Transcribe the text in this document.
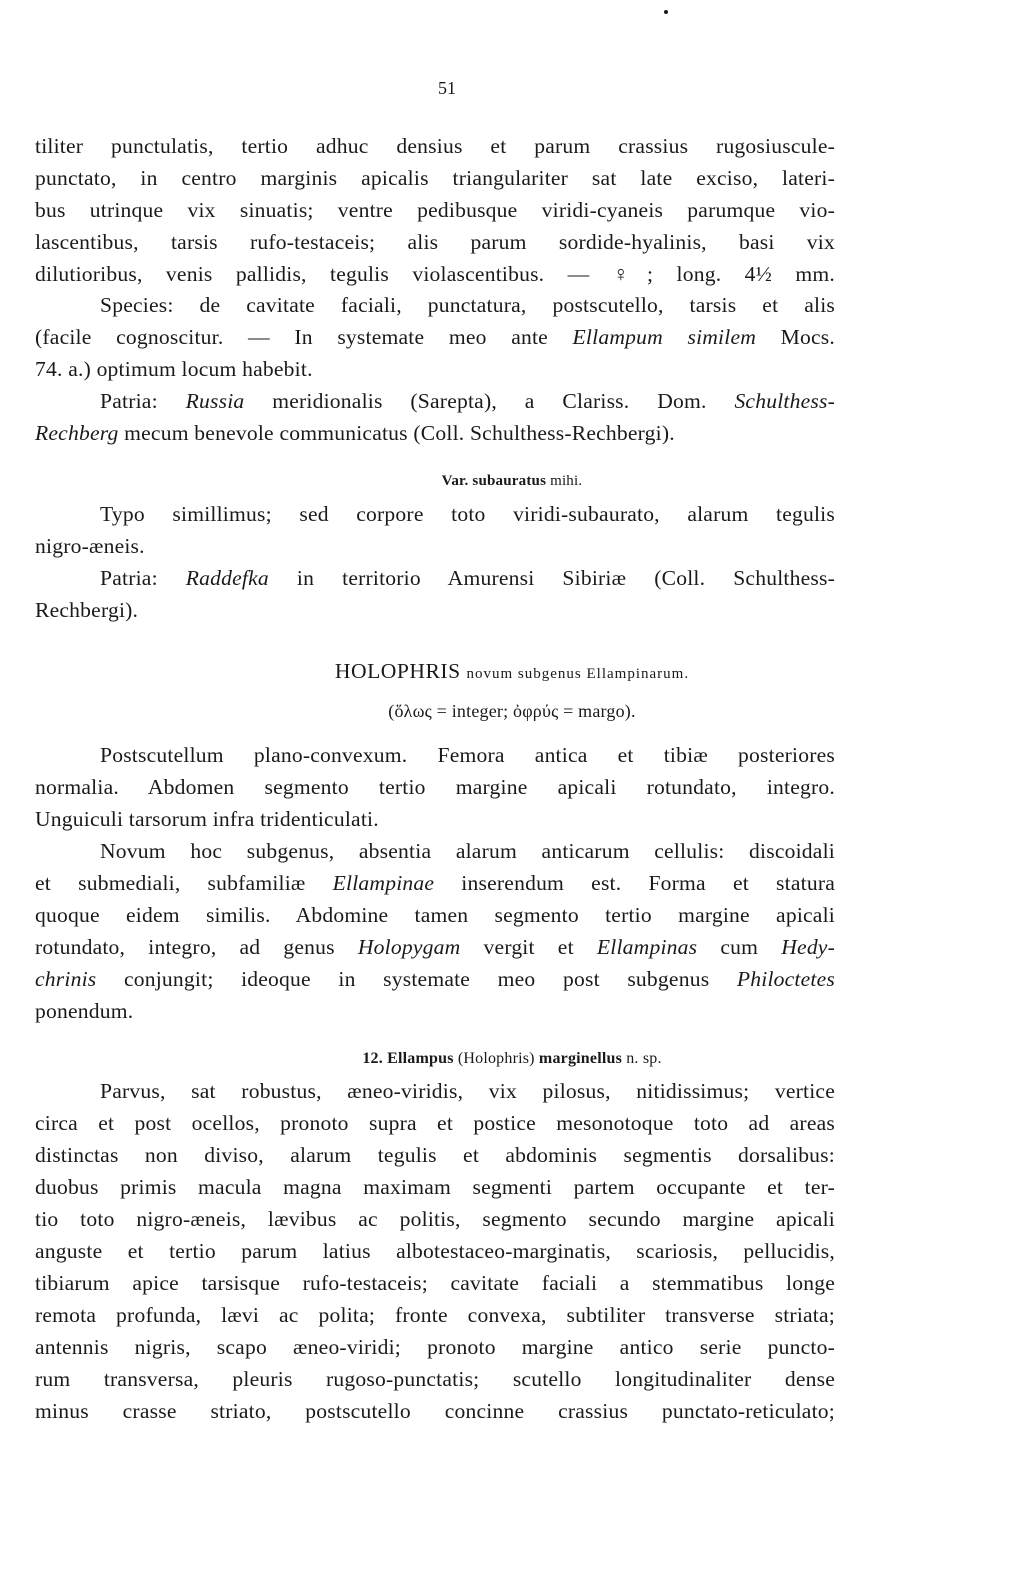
51
tiliter punctulatis, tertio adhuc densius et parum crassius rugosiuscule-
punctato, in centro marginis apicalis triangulariter sat late exciso, lateri-
bus utrinque vix sinuatis; ventre pedibusque viridi-cyaneis parumque vio-
lascentibus, tarsis rufo-testaceis; alis parum sordide-hyalinis, basi vix
dilutioribus, venis pallidis, tegulis violascentibus. — ♀; long. 4½ mm.
Species: de cavitate faciali, punctatura, postscutello, tarsis et alis
(facile cognoscitur. — In systemate meo ante Ellampum similem Mocs.
74. a.) optimum locum habebit.
Patria: Russia meridionalis (Sarepta), a Clariss. Dom. Schulthess-
Rechberg mecum benevole communicatus (Coll. Schulthess-Rechbergi).
Var. subauratus mihi.
Typo simillimus; sed corpore toto viridi-subaurato, alarum tegulis
nigro-æneis.
Patria: Raddefka in territorio Amurensi Sibiriæ (Coll. Schulthess-
Rechbergi).
HOLOPHRIS novum subgenus Ellampinarum.
(ὅλως = integer; ὀφρύς = margo).
Postscutellum plano-convexum. Femora antica et tibiæ posteriores
normalia. Abdomen segmento tertio margine apicali rotundato, integro.
Unguiculi tarsorum infra tridenticulati.
Novum hoc subgenus, absentia alarum anticarum cellulis: discoidali
et submediali, subfamiliæ Ellampinae inserendum est. Forma et statura
quoque eidem similis. Abdomine tamen segmento tertio margine apicali
rotundato, integro, ad genus Holopygam vergit et Ellampinas cum Hedy-
chrinis conjungit; ideoque in systemate meo post subgenus Philoctetes
ponendum.
12. Ellampus (Holophris) marginellus n. sp.
Parvus, sat robustus, æneo-viridis, vix pilosus, nitidissimus; vertice
circa et post ocellos, pronoto supra et postice mesonotoque toto ad areas
distinctas non diviso, alarum tegulis et abdominis segmentis dorsalibus:
duobus primis macula magna maximam segmenti partem occupante et ter-
tio toto nigro-æneis, lævibus ac politis, segmento secundo margine apicali
anguste et tertio parum latius albotestaceo-marginatis, scariosis, pellucidis,
tibiarum apice tarsisque rufo-testaceis; cavitate faciali a stemmatibus longe
remota profunda, lævi ac polita; fronte convexa, subtiliter transverse striata;
antennis nigris, scapo æneo-viridi; pronoto margine antico serie puncto-
rum transversa, pleuris rugoso-punctatis; scutello longitudinaliter dense
minus crasse striato, postscutello concinne crassius punctato-reticulato;
